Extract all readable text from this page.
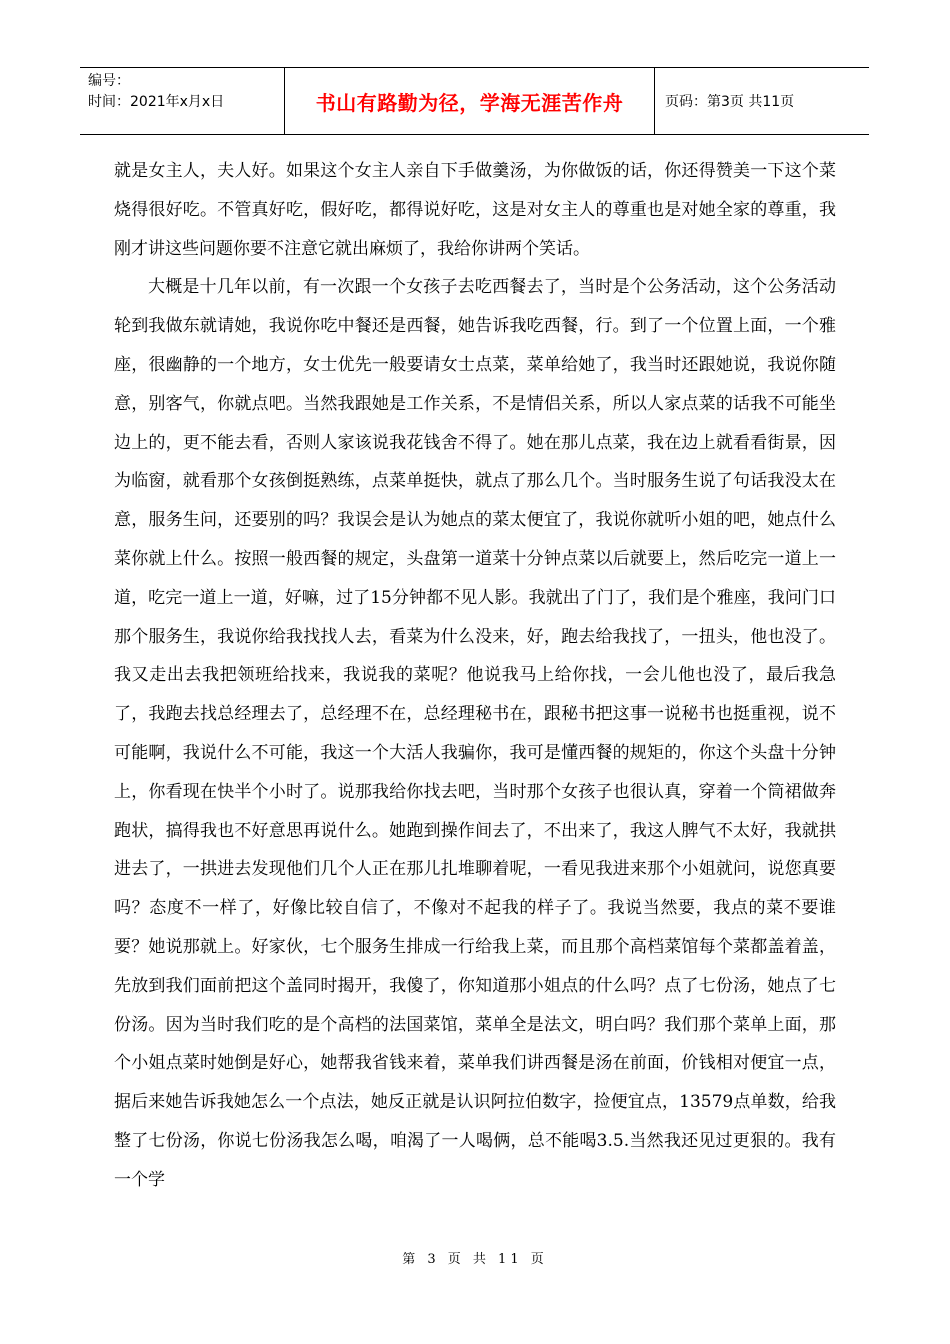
编号：
时间：2021年x月x日	书山有路勤为径，学海无涯苦作舟	页码：第3页 共11页

就是女主人，夫人好。如果这个女主人亲自下手做羹汤，为你做饭的话，你还得赞美一下这个菜烧得很好吃。不管真好吃，假好吃，都得说好吃，这是对女主人的尊重也是对她全家的尊重，我刚才讲这些问题你要不注意它就出麻烦了，我给你讲两个笑话。

大概是十几年以前，有一次跟一个女孩子去吃西餐去了，当时是个公务活动，这个公务活动轮到我做东就请她，我说你吃中餐还是西餐，她告诉我吃西餐，行。到了一个位置上面，一个雅座，很幽静的一个地方，女士优先一般要请女士点菜，菜单给她了，我当时还跟她说，我说你随意，别客气，你就点吧。当然我跟她是工作关系，不是情侣关系，所以人家点菜的话我不可能坐边上的，更不能去看，否则人家该说我花钱舍不得了。她在那儿点菜，我在边上就看看街景，因为临窗，就看那个女孩倒挺熟练，点菜单挺快，就点了那么几个。当时服务生说了句话我没太在意，服务生问，还要别的吗？我误会是认为她点的菜太便宜了，我说你就听小姐的吧，她点什么菜你就上什么。按照一般西餐的规定，头盘第一道菜十分钟点菜以后就要上，然后吃完一道上一道，吃完一道上一道，好嘛，过了15分钟都不见人影。我就出了门了，我们是个雅座，我问门口那个服务生，我说你给我找找人去，看菜为什么没来，好，跑去给我找了，一扭头，他也没了。我又走出去我把领班给找来，我说我的菜呢？他说我马上给你找，一会儿他也没了，最后我急了，我跑去找总经理去了，总经理不在，总经理秘书在，跟秘书把这事一说秘书也挺重视，说不可能啊，我说什么不可能，我这一个大活人我骗你，我可是懂西餐的规矩的，你这个头盘十分钟上，你看现在快半个小时了。说那我给你找去吧，当时那个女孩子也很认真，穿着一个筒裙做奔跑状，搞得我也不好意思再说什么。她跑到操作间去了，不出来了，我这人脾气不太好，我就拱进去了，一拱进去发现他们几个人正在那儿扎堆聊着呢，一看见我进来那个小姐就问，说您真要吗？态度不一样了，好像比较自信了，不像对不起我的样子了。我说当然要，我点的菜不要谁要？她说那就上。好家伙，七个服务生排成一行给我上菜，而且那个高档菜馆每个菜都盖着盖，先放到我们面前把这个盖同时揭开，我傻了，你知道那小姐点的什么吗？点了七份汤，她点了七份汤。因为当时我们吃的是个高档的法国菜馆，菜单全是法文，明白吗？我们那个菜单上面，那个小姐点菜时她倒是好心，她帮我省钱来着，菜单我们讲西餐是汤在前面，价钱相对便宜一点，据后来她告诉我她怎么一个点法，她反正就是认识阿拉伯数字，捡便宜点，13579点单数，给我整了七份汤，你说七份汤我怎么喝，咱渴了一人喝俩，总不能喝3.5.当然我还见过更狠的。我有一个学

第 3 页 共 11 页
